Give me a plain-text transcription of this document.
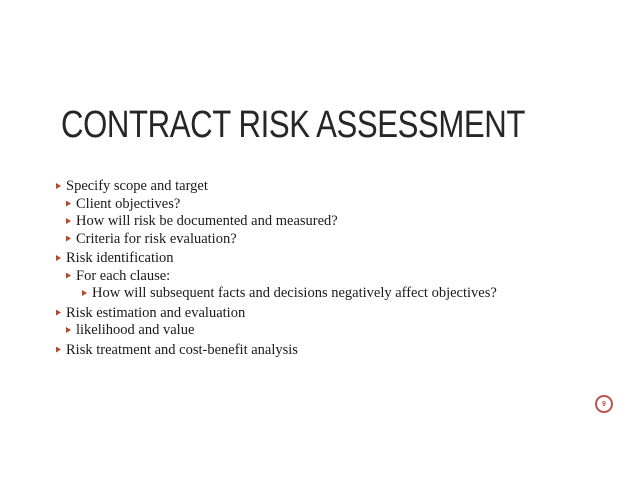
CONTRACT RISK ASSESSMENT
Specify scope and target
Client objectives?
How will risk be documented and measured?
Criteria for risk evaluation?
Risk identification
For each clause:
How will subsequent facts and decisions negatively affect objectives?
Risk estimation and evaluation
likelihood and value
Risk treatment and cost-benefit analysis
9
